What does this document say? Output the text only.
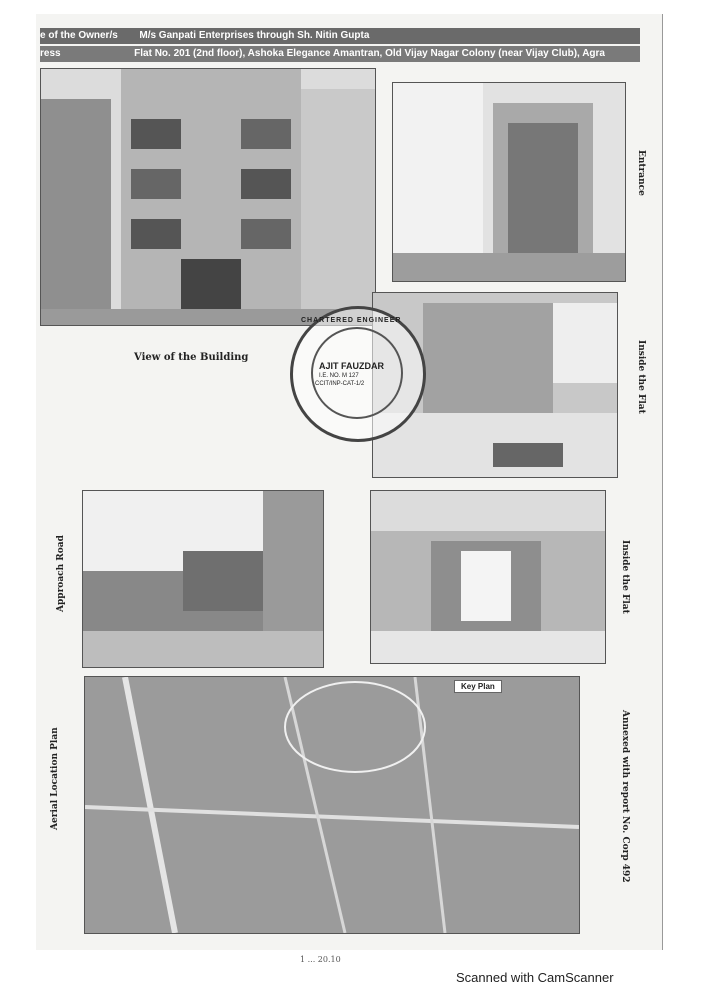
e of the Owner/s M/s Ganpati Enterprises through Sh. Nitin Gupta
ress	Flat No. 201 (2nd floor), Ashoka Elegance Amantran, Old Vijay Nagar Colony (near Vijay Club), Agra
View of the Building
Entrance
Inside the Flat
CHARTERED ENGINEER
AJIT FAUZDAR
I.E. NO. M 127
CCIT/INP-CAT-1/2
Approach Road	Inside the Flat
Key Plan
Aerial Location Plan	Annexed with report No. Corp 492
1 ... 20.10
Scanned with CamScanner
